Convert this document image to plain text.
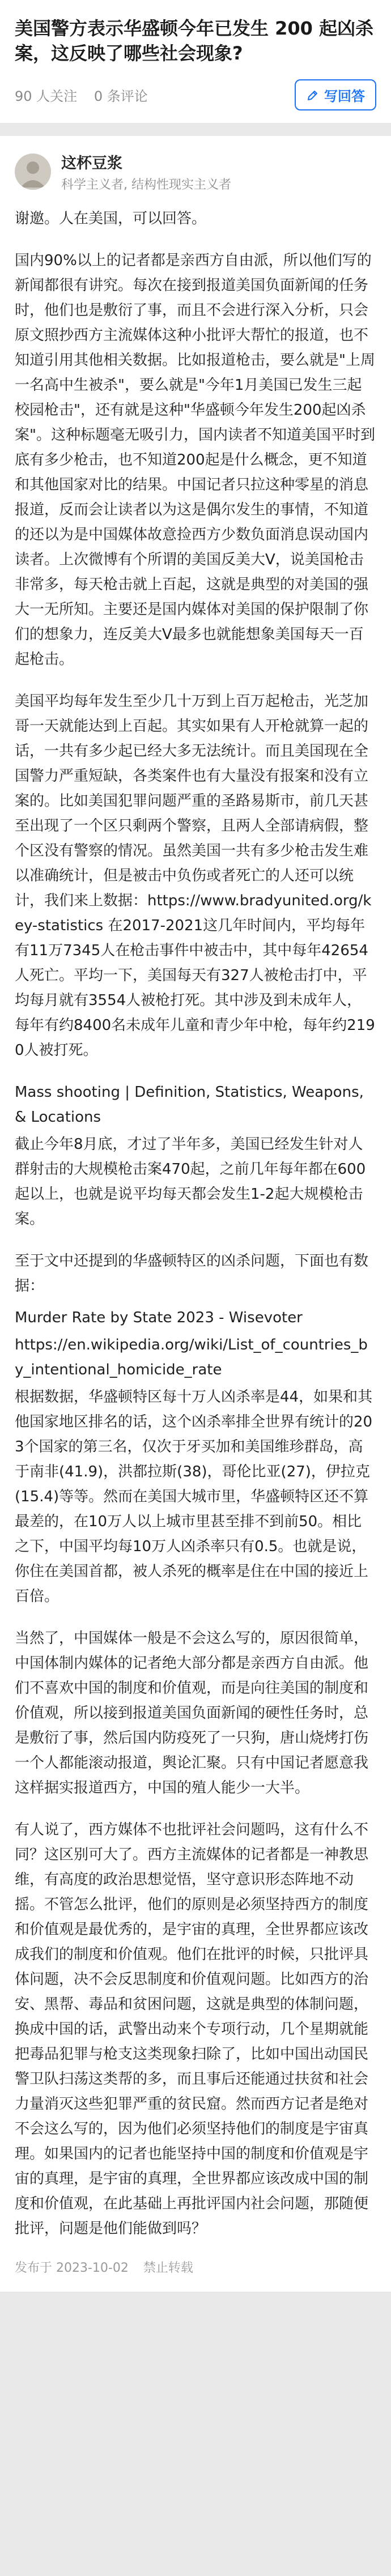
美国警方表示华盛顿今年已发生 200 起凶杀案，这反映了哪些社会现象?
90 人关注 0 条评论	写回答
这杯豆浆
科学主义者, 结构性现实主义者

谢邀。人在美国，可以回答。

国内90%以上的记者都是亲西方自由派，所以他们写的新闻都很有讲究。每次在接到报道美国负面新闻的任务时，他们也是敷衍了事，而且不会进行深入分析，只会原文照抄西方主流媒体这种小批评大帮忙的报道，也不知道引用其他相关数据。比如报道枪击，要么就是"上周一名高中生被杀"，要么就是"今年1月美国已发生三起校园枪击"，还有就是这种"华盛顿今年发生200起凶杀案"。这种标题毫无吸引力，国内读者不知道美国平时到底有多少枪击，也不知道200起是什么概念，更不知道和其他国家对比的结果。中国记者只拉这种零星的消息报道，反而会让读者以为这是偶尔发生的事情，不知道的还以为是中国媒体故意捡西方少数负面消息误动国内读者。上次微博有个所谓的美国反美大V，说美国枪击非常多，每天枪击就上百起，这就是典型的对美国的强大一无所知。主要还是国内媒体对美国的保护限制了你们的想象力，连反美大V最多也就能想象美国每天一百起枪击。

美国平均每年发生至少几十万到上百万起枪击，光芝加哥一天就能达到上百起。其实如果有人开枪就算一起的话，一共有多少起已经大多无法统计。而且美国现在全国警力严重短缺，各类案件也有大量没有报案和没有立案的。比如美国犯罪问题严重的圣路易斯市，前几天甚至出现了一个区只剩两个警察，且两人全部请病假，整个区没有警察的情况。虽然美国一共有多少枪击发生难以准确统计，但是被击中负伤或者死亡的人还可以统计，我们来上数据：https://www.bradyunited.org/key-statistics 在2017-2021这几年时间内，平均每年有11万7345人在枪击事件中被击中，其中每年42654人死亡。平均一下，美国每天有327人被枪击打中，平均每月就有3554人被枪打死。其中涉及到未成年人，每年有约8400名未成年儿童和青少年中枪，每年约2190人被打死。

Mass shooting | Definition, Statistics, Weapons, & Locations

截止今年8月底，才过了半年多，美国已经发生针对人群射击的大规模枪击案470起，之前几年每年都在600起以上，也就是说平均每天都会发生1-2起大规模枪击案。

至于文中还提到的华盛顿特区的凶杀问题，下面也有数据：

Murder Rate by State 2023 - Wisevoter

https://en.wikipedia.org/wiki/List_of_countries_by_intentional_homicide_rate

根据数据，华盛顿特区每十万人凶杀率是44，如果和其他国家地区排名的话，这个凶杀率排全世界有统计的203个国家的第三名，仅次于牙买加和美国维珍群岛，高于南非(41.9)，洪都拉斯(38)，哥伦比亚(27)，伊拉克(15.4)等等。然而在美国大城市里，华盛顿特区还不算最差的，在10万人以上城市里甚至排不到前50。相比之下，中国平均每10万人凶杀率只有0.5。也就是说，你住在美国首都，被人杀死的概率是住在中国的接近上百倍。

当然了，中国媒体一般是不会这么写的，原因很简单，中国体制内媒体的记者绝大部分都是亲西方自由派。他们不喜欢中国的制度和价值观，而是向往美国的制度和价值观，所以接到报道美国负面新闻的硬性任务时，总是敷衍了事，然后国内防疫死了一只狗，唐山烧烤打伤一个人都能滚动报道，舆论汇聚。只有中国记者愿意我这样据实报道西方，中国的殖人能少一大半。

有人说了，西方媒体不也批评社会问题吗，这有什么不同？这区别可大了。西方主流媒体的记者都是一神教思维，有高度的政治思想觉悟，坚守意识形态阵地不动摇。不管怎么批评，他们的原则是必须坚持西方的制度和价值观是最优秀的，是宇宙的真理，全世界都应该改成我们的制度和价值观。他们在批评的时候，只批评具体问题，决不会反思制度和价值观问题。比如西方的治安、黑帮、毒品和贫困问题，这就是典型的体制问题，换成中国的话，武警出动来个专项行动，几个星期就能把毒品犯罪与枪支这类现象扫除了，比如中国出动国民警卫队扫荡这类帮的多，而且事后还能通过扶贫和社会力量消灭这些犯罪严重的贫民窟。然而西方记者是绝对不会这么写的，因为他们必须坚持他们的制度是宇宙真理。如果国内的记者也能坚持中国的制度和价值观是宇宙的真理，是宇宙的真理，全世界都应该改成中国的制度和价值观，在此基础上再批评国内社会问题，那随便批评，问题是他们能做到吗？

发布于 2023-10-02 禁止转载
